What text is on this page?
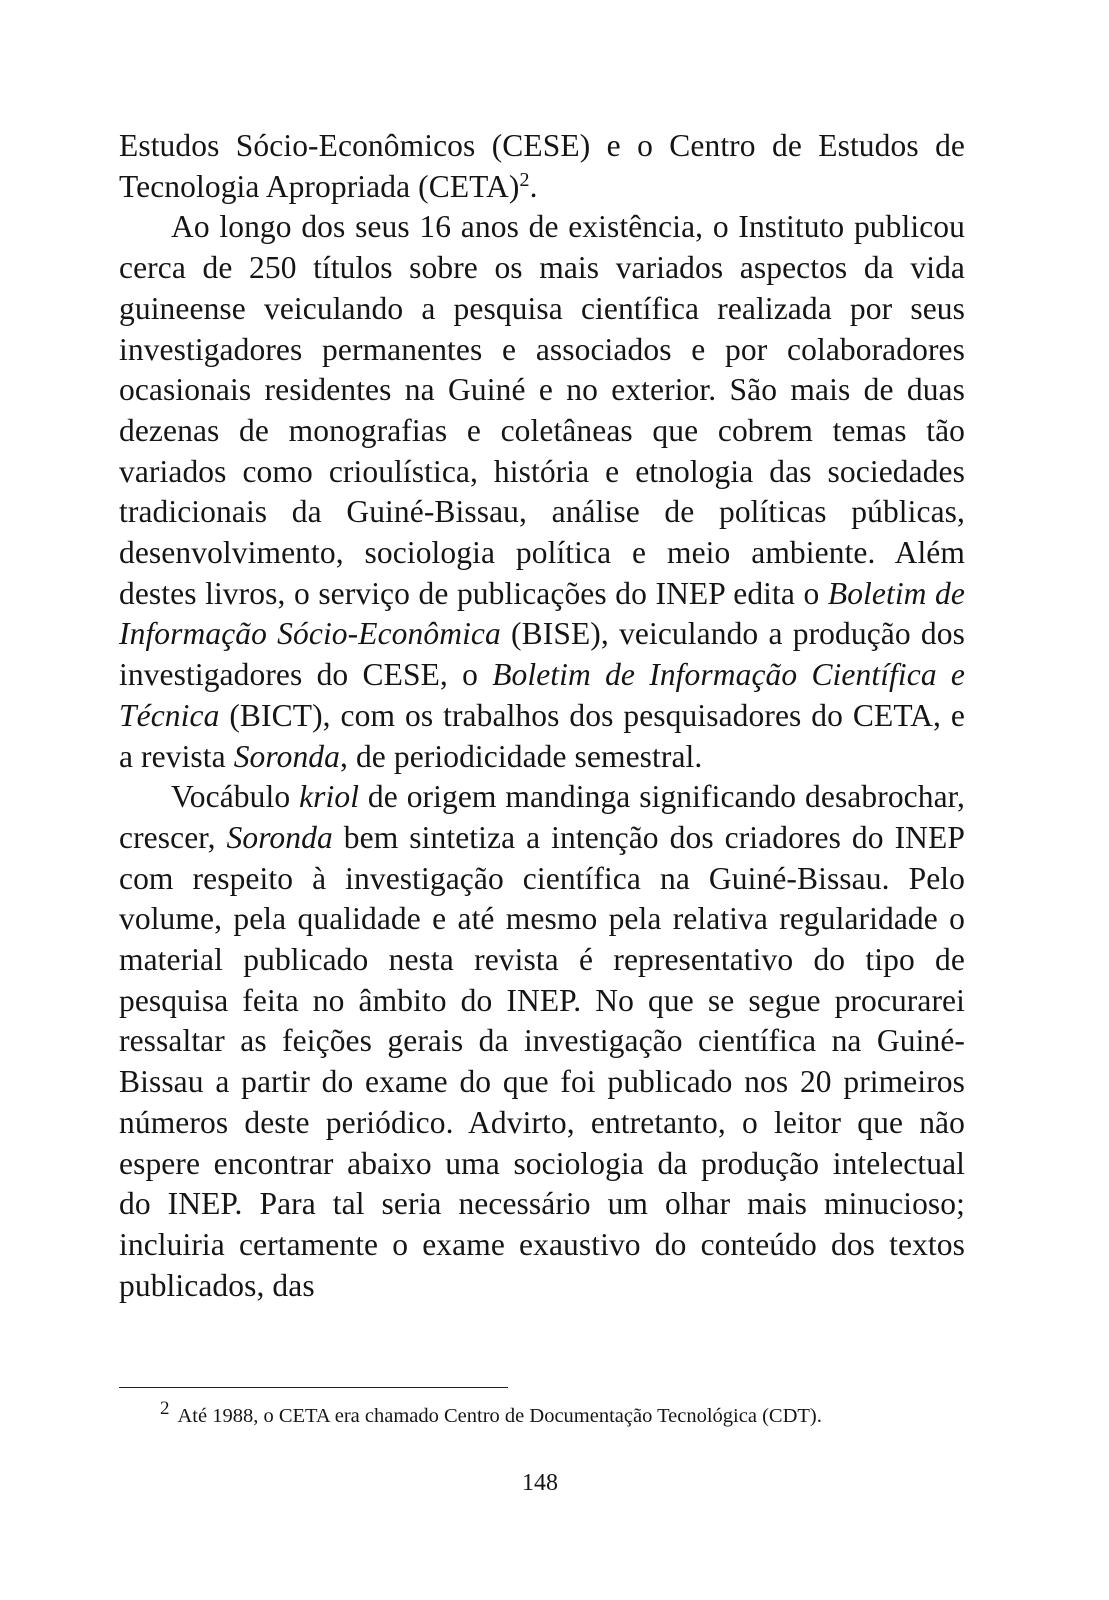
Estudos Sócio-Econômicos (CESE) e o Centro de Estudos de Tecnologia Apropriada (CETA)$^2$.

Ao longo dos seus 16 anos de existência, o Instituto publicou cerca de 250 títulos sobre os mais variados aspectos da vida guineense veiculando a pesquisa científica realizada por seus investigadores permanentes e associados e por colaboradores ocasionais residentes na Guiné e no exterior. São mais de duas dezenas de monografias e coletâneas que cobrem temas tão variados como crioulística, história e etnologia das sociedades tradicionais da Guiné-Bissau, análise de políticas públicas, desenvolvimento, sociologia política e meio ambiente. Além destes livros, o serviço de publicações do INEP edita o Boletim de Informação Sócio-Econômica (BISE), veiculando a produção dos investigadores do CESE, o Boletim de Informação Científica e Técnica (BICT), com os trabalhos dos pesquisadores do CETA, e a revista Soronda, de periodicidade semestral.

Vocábulo kriol de origem mandinga significando desabrochar, crescer, Soronda bem sintetiza a intenção dos criadores do INEP com respeito à investigação científica na Guiné-Bissau. Pelo volume, pela qualidade e até mesmo pela relativa regularidade o material publicado nesta revista é representativo do tipo de pesquisa feita no âmbito do INEP. No que se segue procurarei ressaltar as feições gerais da investigação científica na Guiné-Bissau a partir do exame do que foi publicado nos 20 primeiros números deste periódico. Advirto, entretanto, o leitor que não espere encontrar abaixo uma sociologia da produção intelectual do INEP. Para tal seria necessário um olhar mais minucioso; incluiria certamente o exame exaustivo do conteúdo dos textos publicados, das

2 Até 1988, o CETA era chamado Centro de Documentação Tecnológica (CDT).
148
